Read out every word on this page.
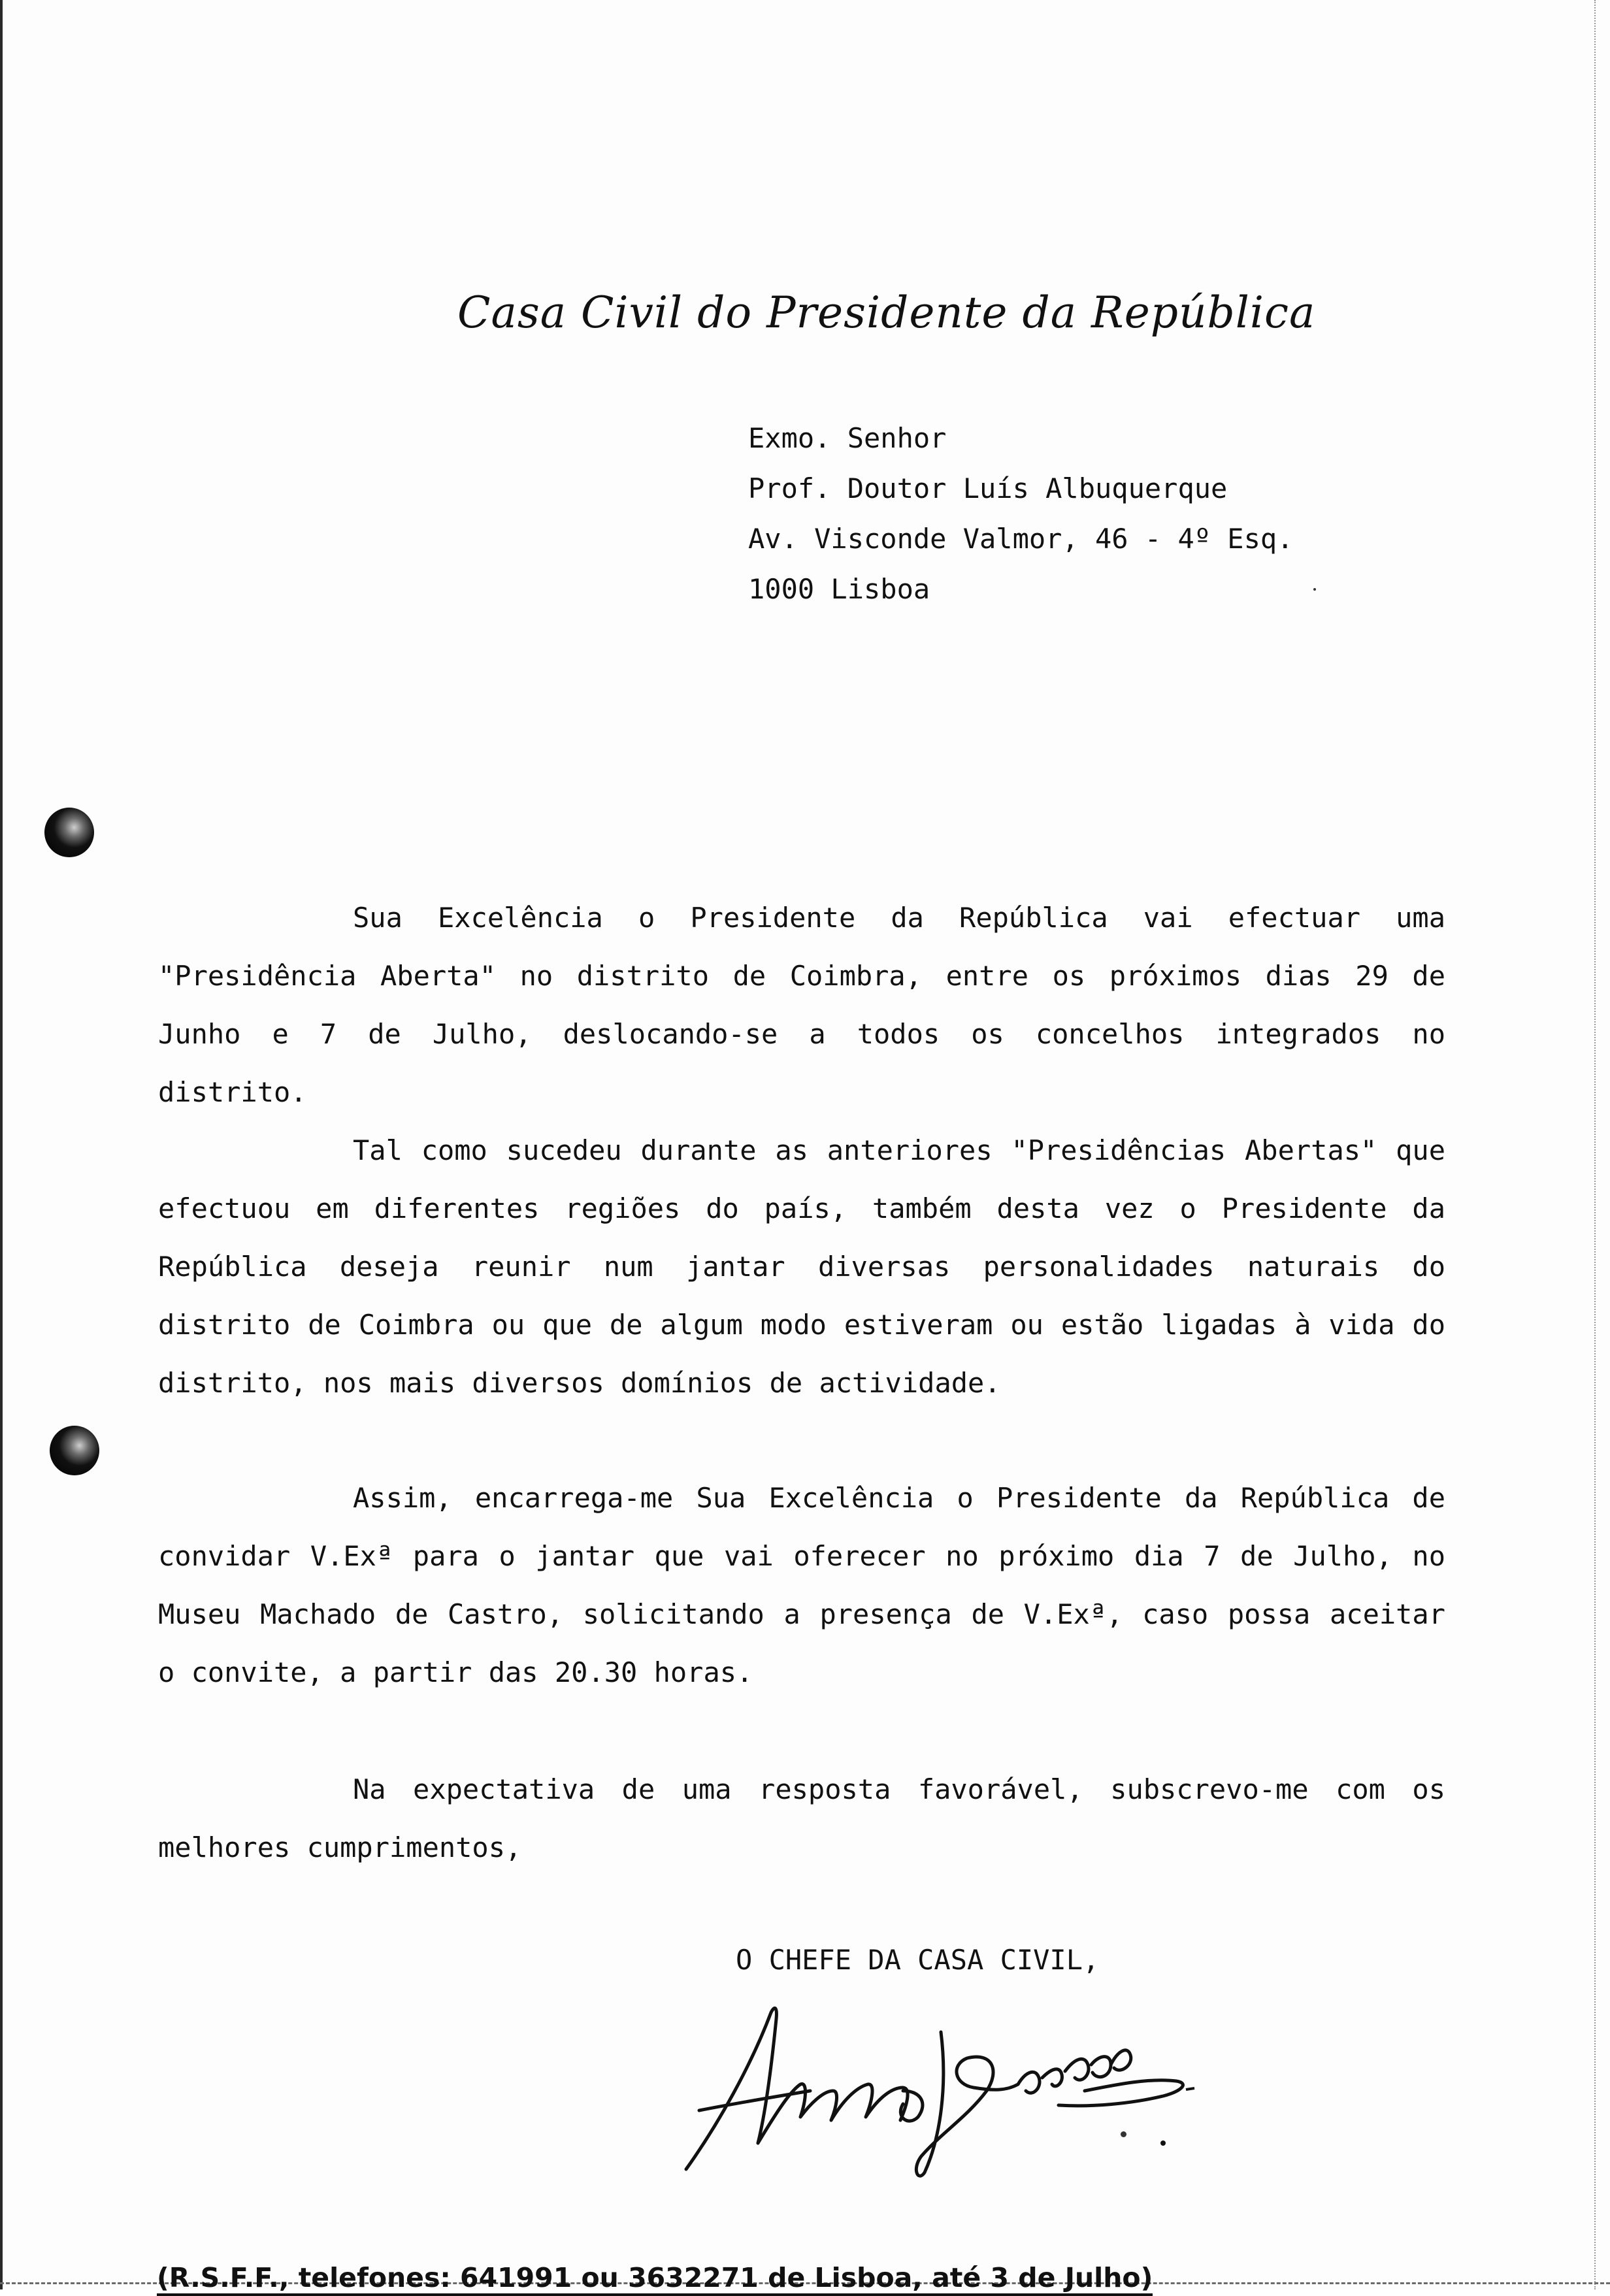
Casa Civil do Presidente da República
Exmo. Senhor
Prof. Doutor Luís Albuquerque
Av. Visconde Valmor, 46 - 4º Esq.
1000 Lisboa
Sua Excelência o Presidente da República vai efectuar uma "Presidência Aberta" no distrito de Coimbra, entre os próximos dias 29 de Junho e 7 de Julho, deslocando-se a todos os concelhos integrados no distrito.
Tal como sucedeu durante as anteriores "Presidências Abertas" que efectuou em diferentes regiões do país, também desta vez o Presidente da República deseja reunir num jantar diversas personalidades naturais do distrito de Coimbra ou que de algum modo estiveram ou estão ligadas à vida do distrito, nos mais diversos domínios de actividade.
Assim, encarrega-me Sua Excelência o Presidente da República de convidar V.Exª para o jantar que vai oferecer no próximo dia 7 de Julho, no Museu Machado de Castro, solicitando a presença de V.Exª, caso possa aceitar o convite, a partir das 20.30 horas.
Na expectativa de uma resposta favorável, subscrevo-me com os melhores cumprimentos,
O CHEFE DA CASA CIVIL,
(R.S.F.F., telefones: 641991 ou 3632271 de Lisboa, até 3 de Julho)
